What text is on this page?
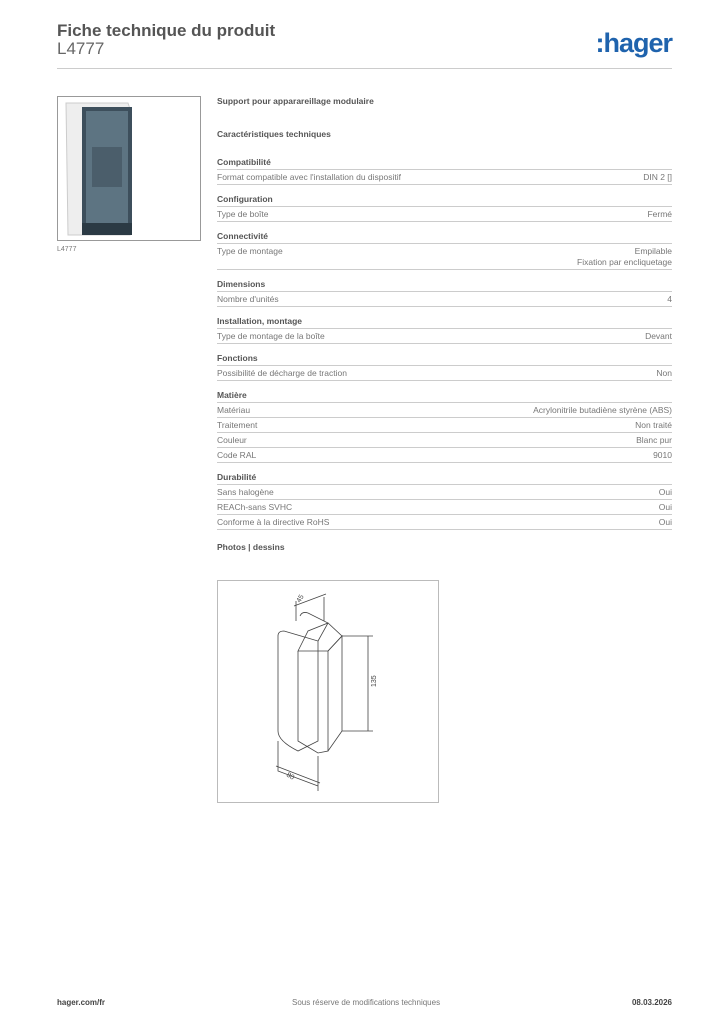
Fiche technique du produit
L4777	:hager
L4777
Support pour apparareillage modulaire
Caractéristiques techniques
Compatibilité
Format compatible avec l'installation du dispositif	DIN 2 []
Configuration
Type de boîte	Fermé
Connectivité
Type de montage	Empilable
Fixation par encliquetage
Dimensions
Nombre d'unités	4
Installation, montage
Type de montage de la boîte	Devant
Fonctions
Possibilité de décharge de traction	Non
Matière
Matériau	Acrylonitrile butadiène styrène (ABS)
Traitement	Non traité
Couleur	Blanc pur
Code RAL	9010
Durabilité
Sans halogène	Oui
REACh-sans SVHC	Oui
Conforme à la directive RoHS	Oui
Photos | dessins
135
45
80
hager.com/fr	Sous réserve de modifications techniques	08.03.2026
